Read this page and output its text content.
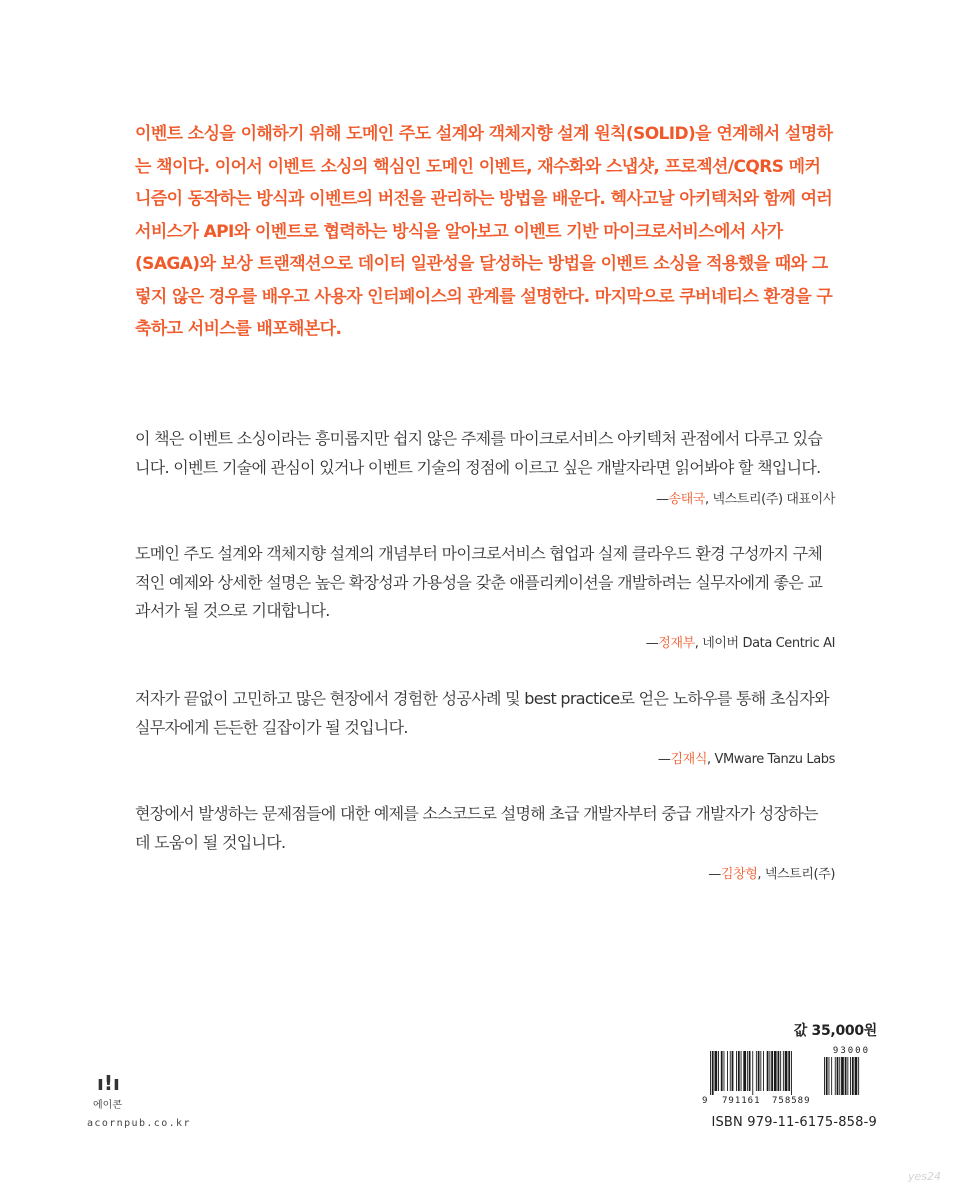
이벤트 소싱을 이해하기 위해 도메인 주도 설계와 객체지향 설계 원칙(SOLID)을 연계해서 설명하는 책이다. 이어서 이벤트 소싱의 핵심인 도메인 이벤트, 재수화와 스냅샷, 프로젝션/CQRS 메커니즘이 동작하는 방식과 이벤트의 버전을 관리하는 방법을 배운다. 헥사고날 아키텍처와 함께 여러 서비스가 API와 이벤트로 협력하는 방식을 알아보고 이벤트 기반 마이크로서비스에서 사가(SAGA)와 보상 트랜잭션으로 데이터 일관성을 달성하는 방법을 이벤트 소싱을 적용했을 때와 그렇지 않은 경우를 배우고 사용자 인터페이스의 관계를 설명한다. 마지막으로 쿠버네티스 환경을 구축하고 서비스를 배포해본다.

이 책은 이벤트 소싱이라는 흥미롭지만 쉽지 않은 주제를 마이크로서비스 아키텍처 관점에서 다루고 있습니다. 이벤트 기술에 관심이 있거나 이벤트 기술의 정점에 이르고 싶은 개발자라면 읽어봐야 할 책입니다.

—송태국, 넥스트리(주) 대표이사

도메인 주도 설계와 객체지향 설계의 개념부터 마이크로서비스 협업과 실제 클라우드 환경 구성까지 구체적인 예제와 상세한 설명은 높은 확장성과 가용성을 갖춘 애플리케이션을 개발하려는 실무자에게 좋은 교과서가 될 것으로 기대합니다.

—정재부, 네이버 Data Centric AI

저자가 끝없이 고민하고 많은 현장에서 경험한 성공사례 및 best practice로 얻은 노하우를 통해 초심자와 실무자에게 든든한 길잡이가 될 것입니다.

—김재식, VMware Tanzu Labs

현장에서 발생하는 문제점들에 대한 예제를 소스코드로 설명해 초급 개발자부터 중급 개발자가 성장하는 데 도움이 될 것입니다.

—김창형, 넥스트리(주)

값 35,000원
93000
9 791161 758589
ISBN 979-11-6175-858-9
ı!ı
에이콘
acornpub.co.kr
yes24
